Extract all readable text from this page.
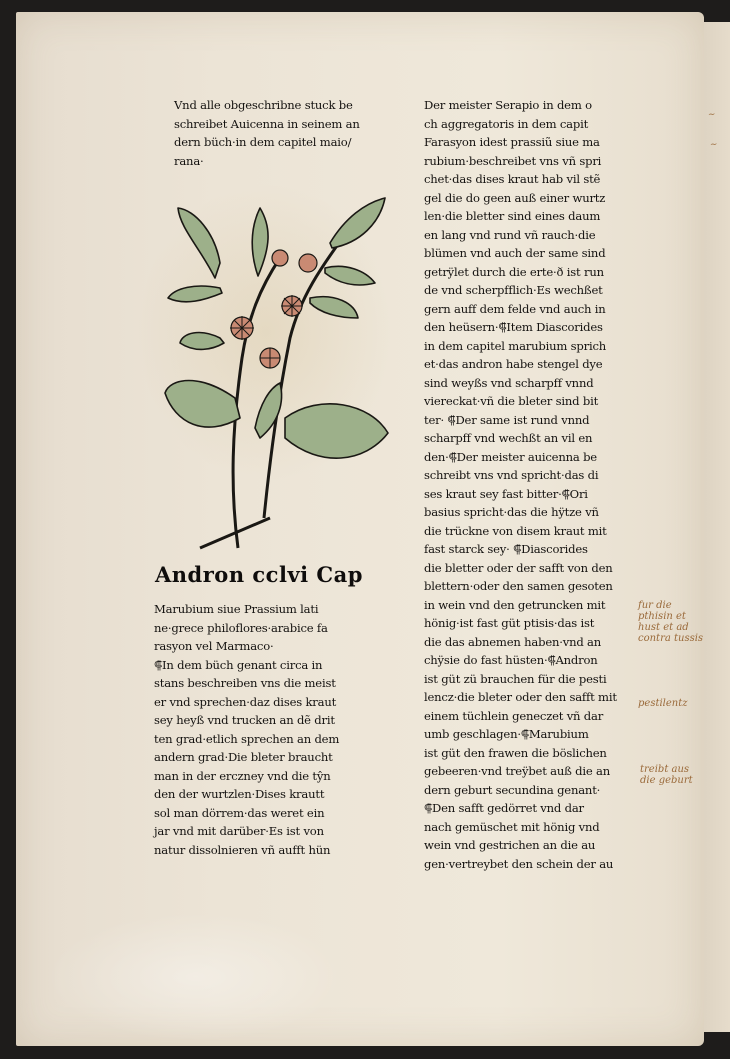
​~
​~
Vnd alle obgeschribne stuck be
schreibet Auicenna in seinem an
dern büch·in dem capitel maio/
rana·
Andron cclvi Cap
Marubium siue Prassium lati
ne·grece philoflores·arabice fa
rasyon vel Marmaco·
⸿In dem büch genant circa in
stans beschreiben vns die meist
er vnd sprechen·daz dises kraut
sey heyß vnd trucken an dẽ drit
ten grad·etlich sprechen an dem
andern grad·Die bleter braucht
man in der erczney vnd die tŷn
den der wurtzlen·Dises krautt
sol man dörrem·das weret ein
jar vnd mit darüber·Es ist von
natur dissolnieren vñ aufft hün
Der meister Serapio in dem o
ch aggregatoris in dem capit
Farasyon idest prassiũ siue ma
rubium·beschreibet vns vñ spri
chet·das dises kraut hab vil stẽ
gel die do geen auß einer wurtz
len·die bletter sind eines daum
en lang vnd rund vñ rauch·die
blümen vnd auch der same sind
getrÿlet durch die erte·ð ist run
de vnd scherpfflich·Es wechßet
gern auff dem felde vnd auch in
den heüsern·⸿Item Diascorides
in dem capitel marubium sprich
et·das andron habe stengel dye
sind weyßs vnd scharpff vnnd
viereckat·vñ die bleter sind bit
ter· ⸿Der same ist rund vnnd
scharpff vnd wechßt an vil en
den·⸿Der meister auicenna be
schreibt vns vnd spricht·das di
ses kraut sey fast bitter·⸿Ori
basius spricht·das die hÿtze vñ
die trückne von disem kraut mit
fast starck sey· ⸿Diascorides
die bletter oder der safft von den
blettern·oder den samen gesoten
in wein vnd den getruncken mit
hönig·ist fast güt ptisis·das ist
die das abnemen haben·vnd an
chÿsie do fast hüsten·⸿Andron
ist güt zü brauchen für die pesti
lencz·die bleter oder den safft mit
einem tüchlein geneczet vñ dar
umb geschlagen·⸿Marubium
ist güt den frawen die böslichen
gebeeren·vnd treÿbet auß die an
dern geburt secundina genant·
⸿Den safft gedörret vnd dar
nach gemüschet mit hönig vnd
wein vnd gestrichen an die au
gen·vertreybet den schein der au
fur die
pthisin et
hust et ad
contra tussis
pestilentz
treibt aus
die geburt
